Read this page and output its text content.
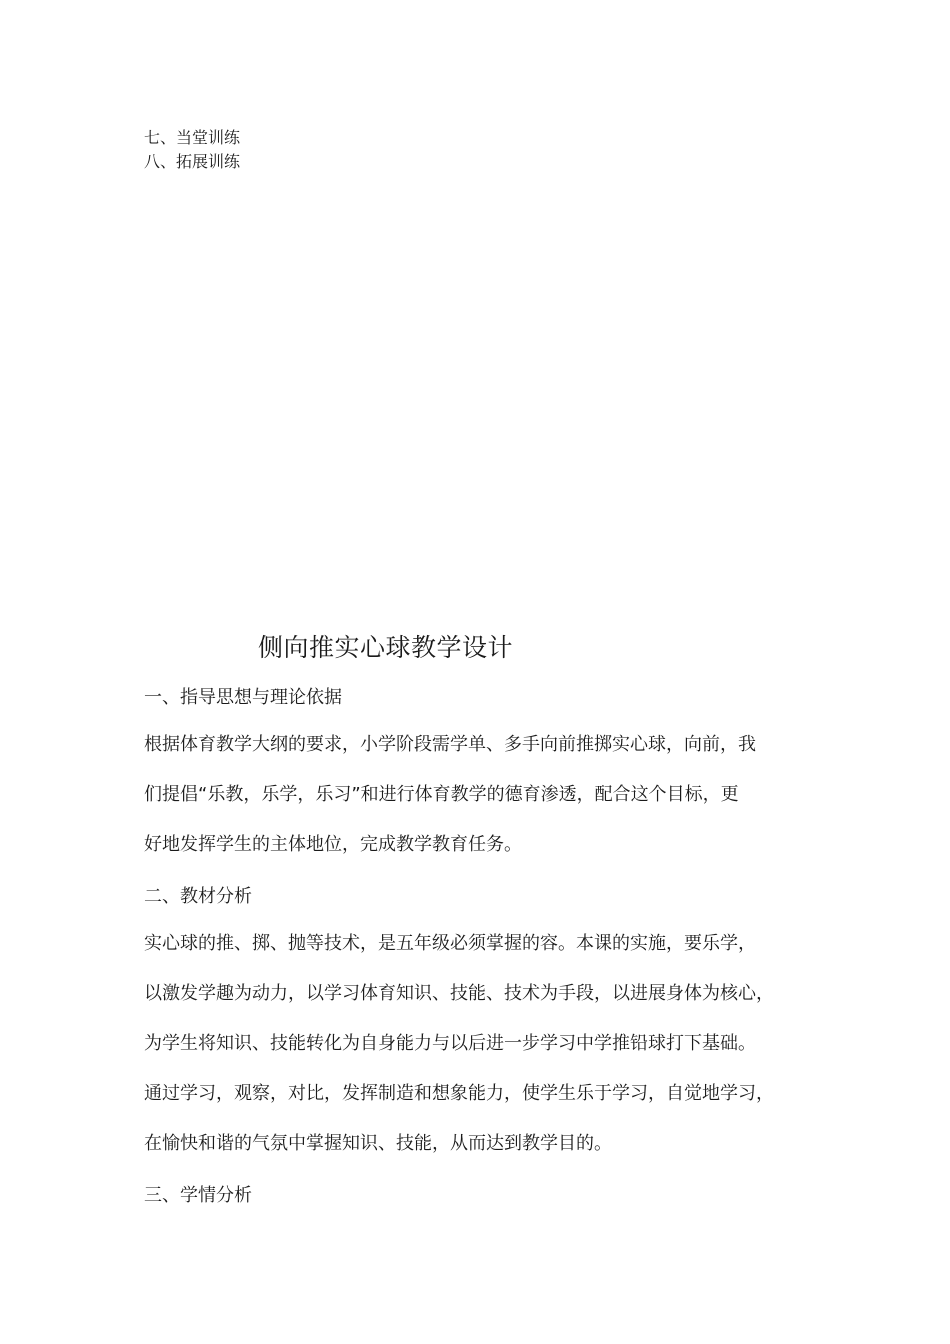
七、当堂训练
八、拓展训练
侧向推实心球教学设计
一、指导思想与理论依据
根据体育教学大纲的要求，小学阶段需学单、多手向前推掷实心球，向前，我
们提倡“乐教，乐学，乐习”和进行体育教学的德育渗透，配合这个目标，更
好地发挥学生的主体地位，完成教学教育任务。
二、教材分析
实心球的推、掷、抛等技术，是五年级必须掌握的容。本课的实施，要乐学，
以激发学趣为动力，以学习体育知识、技能、技术为手段，以进展身体为核心，
为学生将知识、技能转化为自身能力与以后进一步学习中学推铅球打下基础。
通过学习，观察，对比，发挥制造和想象能力，使学生乐于学习，自觉地学习，
在愉快和谐的气氛中掌握知识、技能，从而达到教学目的。
三、学情分析
